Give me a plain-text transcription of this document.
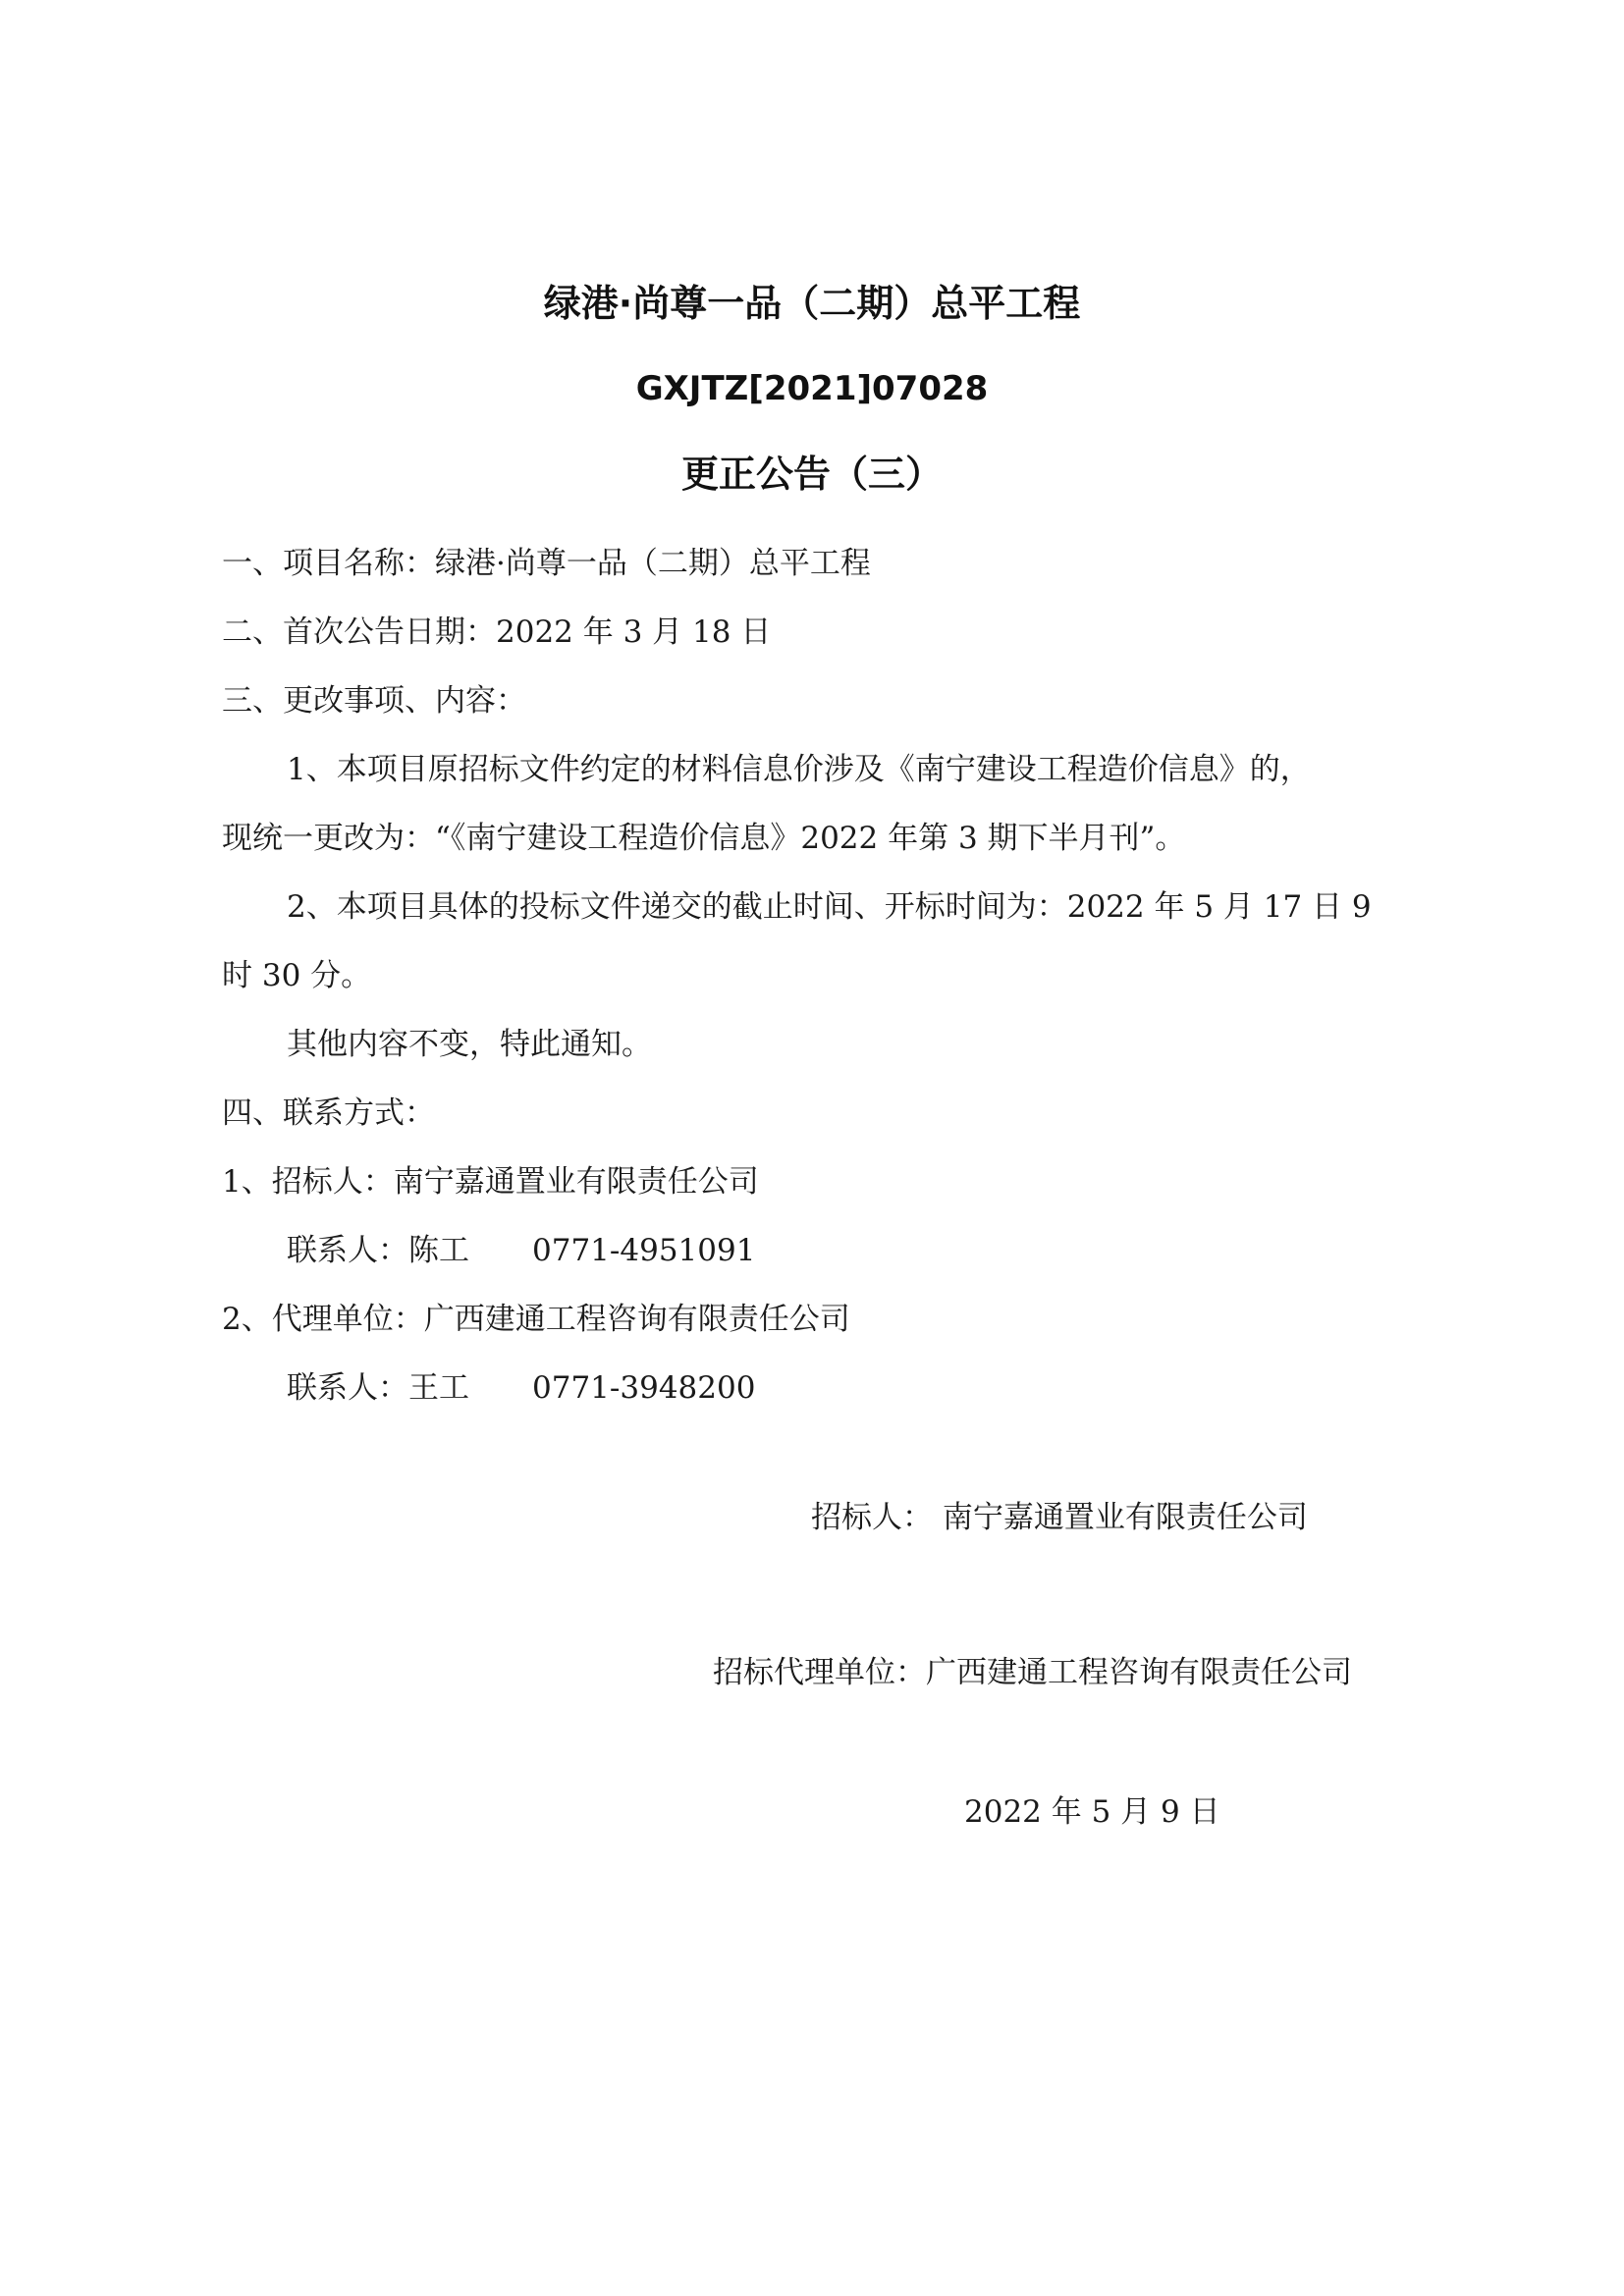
绿港·尚尊一品（二期）总平工程
GXJTZ[2021]07028
更正公告（三）
一、项目名称：绿港·尚尊一品（二期）总平工程
二、首次公告日期：2022 年 3 月 18 日
三、更改事项、内容：
1、本项目原招标文件约定的材料信息价涉及《南宁建设工程造价信息》的，
现统一更改为：“《南宁建设工程造价信息》2022 年第 3 期下半月刊”。
2、本项目具体的投标文件递交的截止时间、开标时间为：2022 年 5 月 17 日 9
时 30 分。
其他内容不变，特此通知。
四、联系方式：
1、招标人：南宁嘉通置业有限责任公司
联系人：陈工 0771-4951091
2、代理单位：广西建通工程咨询有限责任公司
联系人：王工 0771-3948200
招标人： 南宁嘉通置业有限责任公司
招标代理单位：广西建通工程咨询有限责任公司
2022 年 5 月 9 日
